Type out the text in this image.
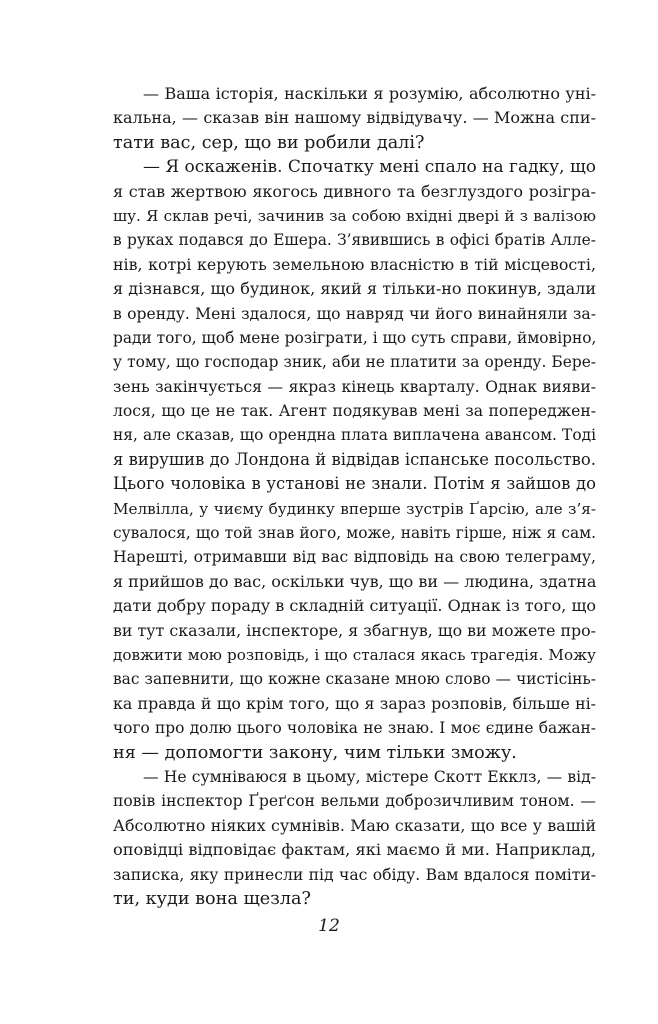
— Ваша історія, наскільки я розумію, абсолютно уні-
кальна, — сказав він нашому відвідувачу. — Можна спи-
тати вас, сер, що ви робили далі?
— Я оскаженів. Спочатку мені спало на гадку, що
я став жертвою якогось дивного та безглуздого розігра-
шу. Я склав речі, зачинив за собою вхідні двері й з валізою
в руках подався до Ешера. З’явившись в офісі братів Алле-
нів, котрі керують земельною власністю в тій місцевості,
я дізнався, що будинок, який я тільки-но покинув, здали
в оренду. Мені здалося, що навряд чи його винайняли за-
ради того, щоб мене розіграти, і що суть справи, ймовірно,
у тому, що господар зник, аби не платити за оренду. Бере-
зень закінчується — якраз кінець кварталу. Однак вияви-
лося, що це не так. Агент подякував мені за попереджен-
ня, але сказав, що орендна плата виплачена авансом. Тоді
я вирушив до Лондона й відвідав іспанське посольство.
Цього чоловіка в установі не знали. Потім я зайшов до
Мелвілла, у чиєму будинку вперше зустрів Ґарсію, але з’я-
сувалося, що той знав його, може, навіть гірше, ніж я сам.
Нарешті, отримавши від вас відповідь на свою телеграму,
я прийшов до вас, оскільки чув, що ви — людина, здатна
дати добру пораду в складній ситуації. Однак із того, що
ви тут сказали, інспекторе, я збагнув, що ви можете про-
довжити мою розповідь, і що сталася якась трагедія. Можу
вас запевнити, що кожне сказане мною слово — чистісінь-
ка правда й що крім того, що я зараз розповів, більше ні-
чого про долю цього чоловіка не знаю. І моє єдине бажан-
ня — допомогти закону, чим тільки зможу.
— Не сумніваюся в цьому, містере Скотт Екклз, — від-
повів інспектор Ґреґсон вельми доброзичливим тоном. —
Абсолютно ніяких сумнівів. Маю сказати, що все у вашій
оповідці відповідає фактам, які маємо й ми. Наприклад,
записка, яку принесли під час обіду. Вам вдалося поміти-
ти, куди вона щезла?
12
